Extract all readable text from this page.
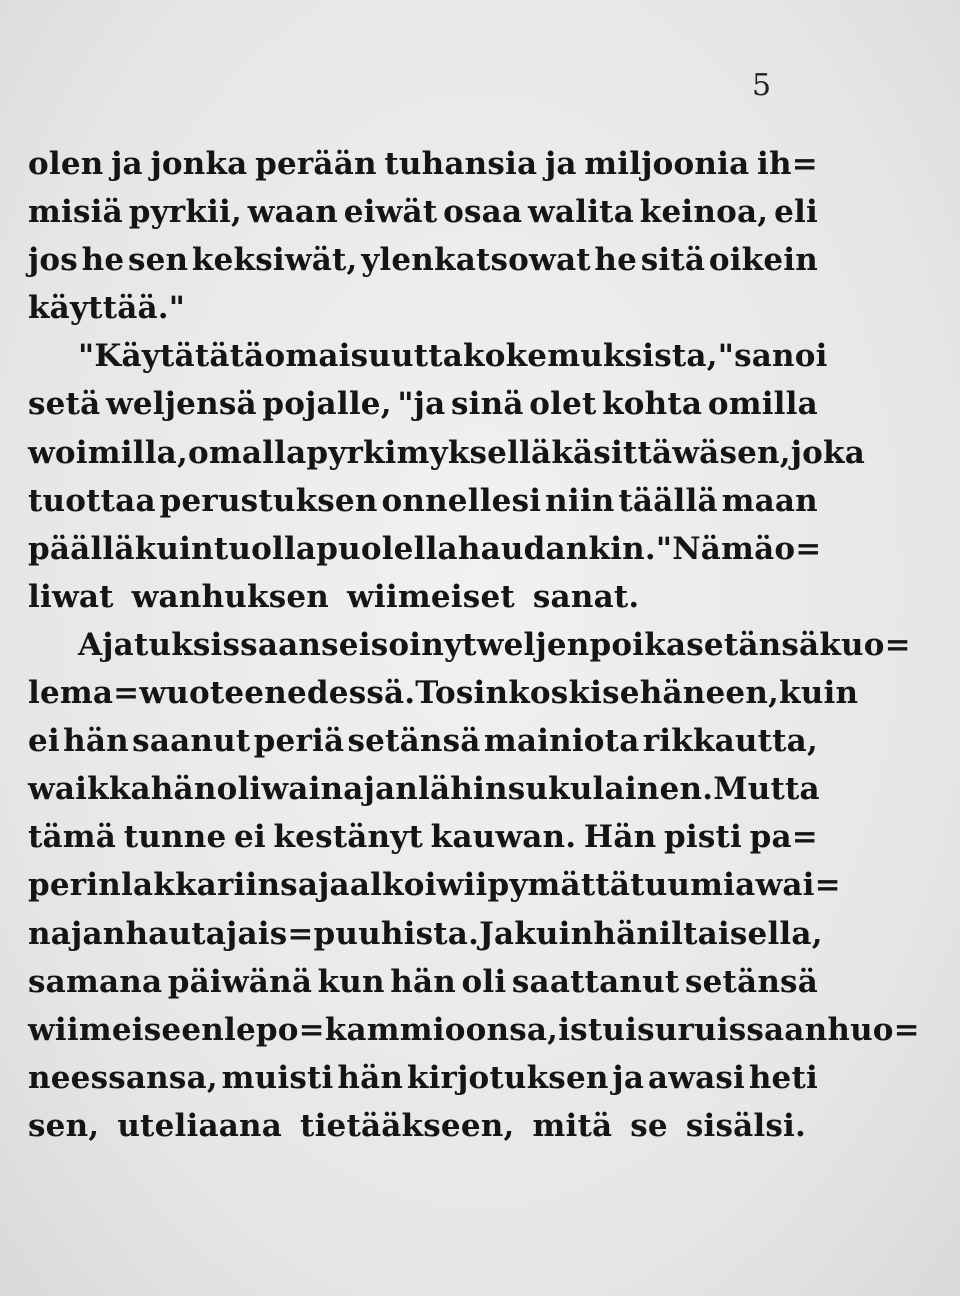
5
olen ja jonka perään tuhansia ja miljoonia ih=
misiä pyrkii, waan eiwät osaa walita keinoa, eli
jos he sen keksiwät, ylenkatsowat he sitä oikein
käyttää."
"Käytä tätä omaisuutta kokemuksista," sanoi
setä weljensä pojalle, "ja sinä olet kohta omilla
woimilla, omalla pyrkimyksellä käsittäwä sen, joka
tuottaa perustuksen onnellesi niin täällä maan
päällä kuin tuollapuolella haudankin." Nämä o=
liwat wanhuksen wiimeiset sanat.
Ajatuksissaan seisoi nyt weljenpoika setänsä kuo=
lema=wuoteen edessä. Tosin koski se häneen, kuin
ei hän saanut periä setänsä mainiota rikkautta,
waikka hän oli wainajan lähin sukulainen. Mutta
tämä tunne ei kestänyt kauwan. Hän pisti pa=
perin lakkariinsa ja alkoi wiipymättä tuumia wai=
najan hautajais=puuhista. Ja kuin hän iltaisella,
samana päiwänä kun hän oli saattanut setänsä
wiimeiseen lepo=kammioonsa, istui suruissaan huo=
neessansa, muisti hän kirjotuksen ja awasi heti
sen, uteliaana tietääkseen, mitä se sisälsi.
